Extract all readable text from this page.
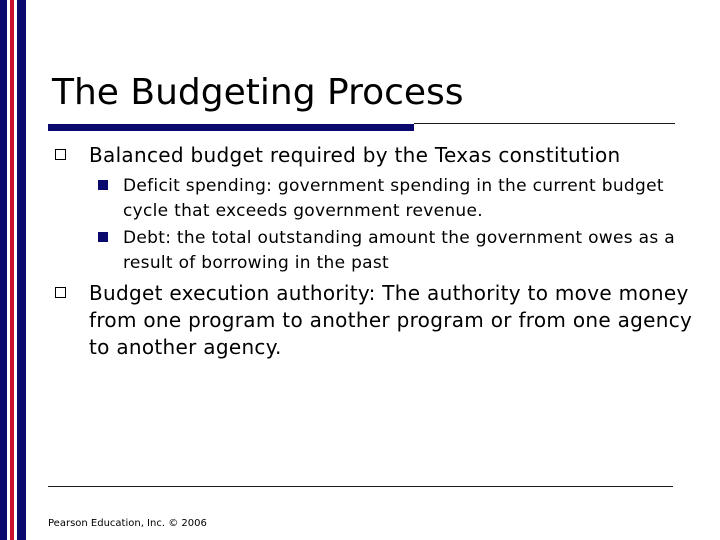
The Budgeting Process
Balanced budget required by the Texas constitution
Deficit spending: government spending in the current budget cycle that exceeds government revenue.
Debt: the total outstanding amount the government owes as a result of borrowing in the past
Budget execution authority: The authority to move money from one program to another program or from one agency to another agency.
Pearson Education, Inc. © 2006
